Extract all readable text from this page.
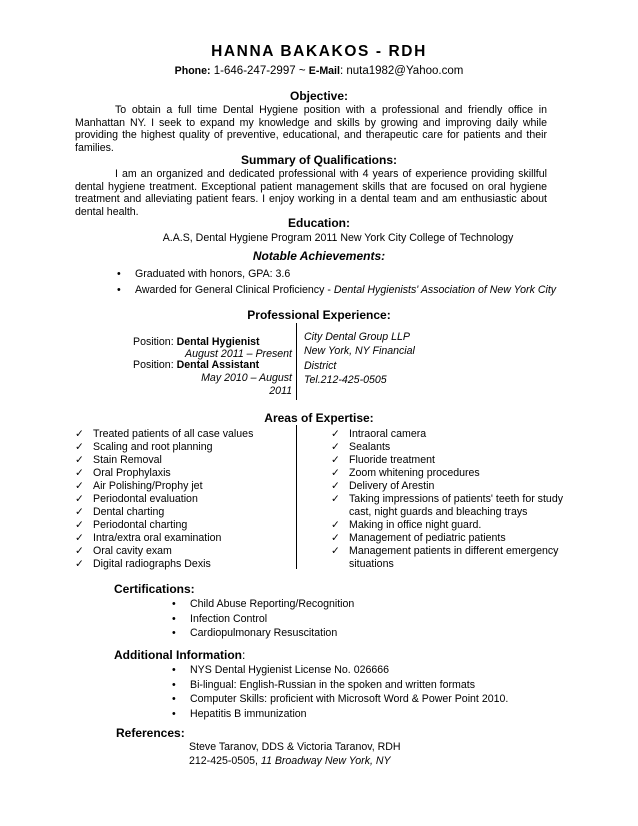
HANNA BAKAKOS - RDH
Phone: 1-646-247-2997 ~ E-Mail: nuta1982@Yahoo.com
Objective:
To obtain a full time Dental Hygiene position with a professional and friendly office in Manhattan NY. I seek to expand my knowledge and skills by growing and improving daily while providing the highest quality of preventive, educational, and therapeutic care for patients and their families.
Summary of Qualifications:
I am an organized and dedicated professional with 4 years of experience providing skillful dental hygiene treatment. Exceptional patient management skills that are focused on oral hygiene treatment and alleviating patient fears. I enjoy working in a dental team and am enthusiastic about dental health.
Education:
A.A.S, Dental Hygiene Program 2011 New York City College of Technology
Notable Achievements:
• Graduated with honors, GPA: 3.6
• Awarded for General Clinical Proficiency - Dental Hygienists' Association of New York City
Professional Experience:
Position: Dental Hygienist
August 2011 – Present
Position: Dental Assistant
May 2010 – August
2011
City Dental Group LLP
New York, NY Financial
District
Tel.212-425-0505
Areas of Expertise:
✓ Treated patients of all case values
✓ Scaling and root planning
✓ Stain Removal
✓ Oral Prophylaxis
✓ Air Polishing/Prophy jet
✓ Periodontal evaluation
✓ Dental charting
✓ Periodontal charting
✓ Intra/extra oral examination
✓ Oral cavity exam
✓ Digital radiographs Dexis
✓ Intraoral camera
✓ Sealants
✓ Fluoride treatment
✓ Zoom whitening procedures
✓ Delivery of Arestin
✓ Taking impressions of patients' teeth for study cast, night guards and bleaching trays
✓ Making in office night guard.
✓ Management of pediatric patients
✓ Management patients in different emergency situations
Certifications:
• Child Abuse Reporting/Recognition
• Infection Control
• Cardiopulmonary Resuscitation
Additional Information:
• NYS Dental Hygienist License No. 026666
• Bi-lingual: English-Russian in the spoken and written formats
• Computer Skills: proficient with Microsoft Word & Power Point 2010.
• Hepatitis B immunization
References:
Steve Taranov, DDS & Victoria Taranov, RDH
212-425-0505, 11 Broadway New York, NY
